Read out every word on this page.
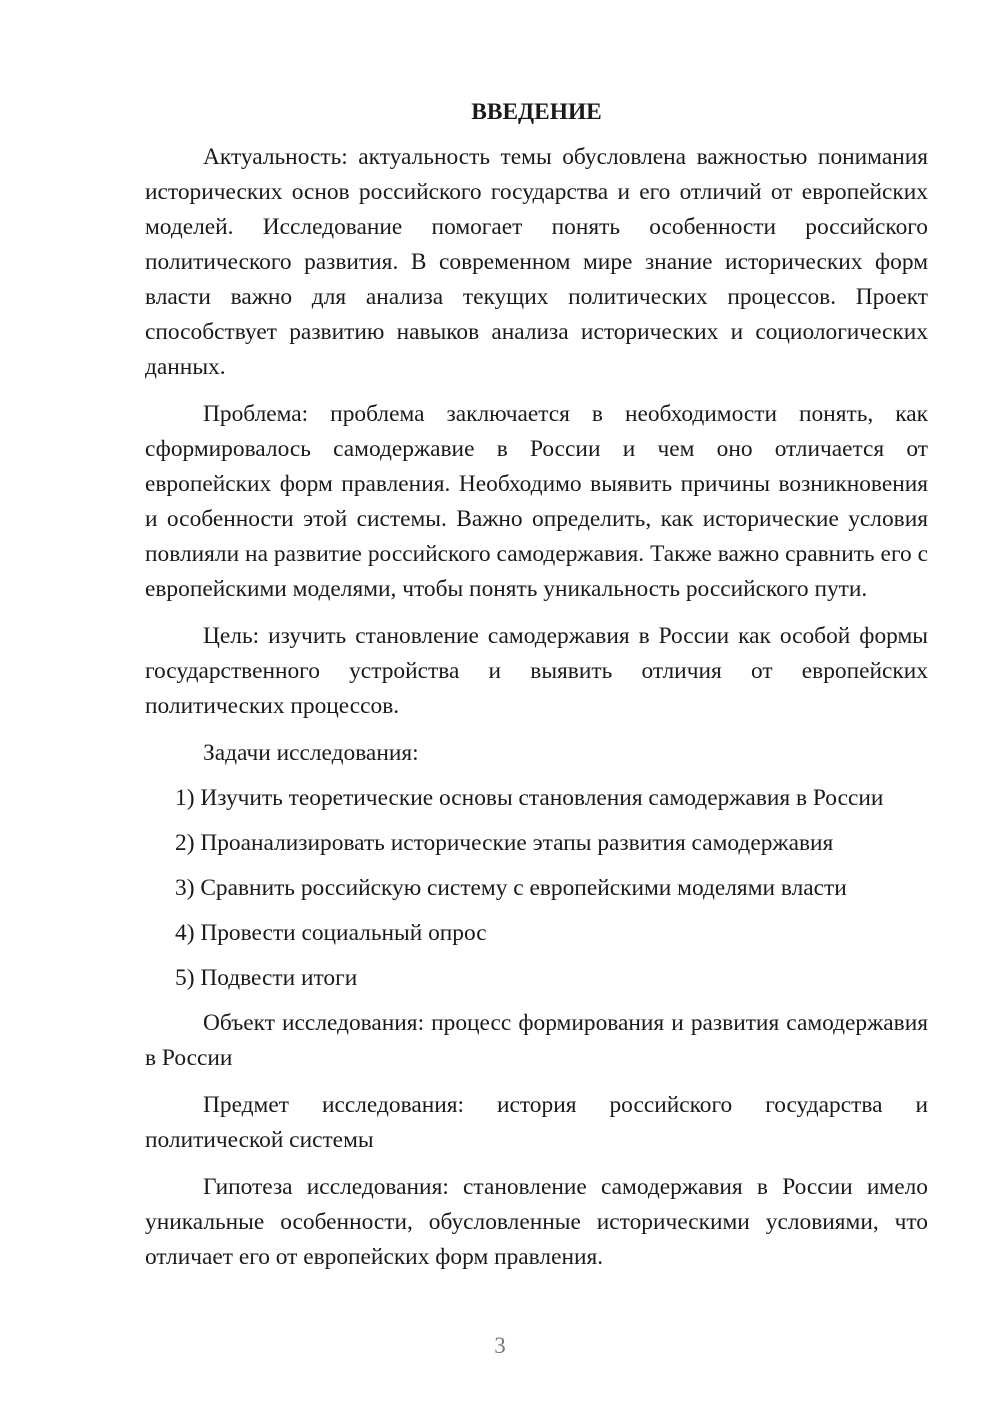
ВВЕДЕНИЕ

Актуальность: актуальность темы обусловлена важностью понимания исторических основ российского государства и его отличий от европейских моделей. Исследование помогает понять особенности российского политического развития. В современном мире знание исторических форм власти важно для анализа текущих политических процессов. Проект способствует развитию навыков анализа исторических и социологических данных.

Проблема: проблема заключается в необходимости понять, как сформировалось самодержавие в России и чем оно отличается от европейских форм правления. Необходимо выявить причины возникновения и особенности этой системы. Важно определить, как исторические условия повлияли на развитие российского самодержавия. Также важно сравнить его с европейскими моделями, чтобы понять уникальность российского пути.

Цель: изучить становление самодержавия в России как особой формы государственного устройства и выявить отличия от европейских политических процессов.

Задачи исследования:
1) Изучить теоретические основы становления самодержавия в России
2) Проанализировать исторические этапы развития самодержавия
3) Сравнить российскую систему с европейскими моделями власти
4) Провести социальный опрос
5) Подвести итоги

Объект исследования: процесс формирования и развития самодержавия в России

Предмет исследования: история российского государства и политической системы

Гипотеза исследования: становление самодержавия в России имело уникальные особенности, обусловленные историческими условиями, что отличает его от европейских форм правления.

3
